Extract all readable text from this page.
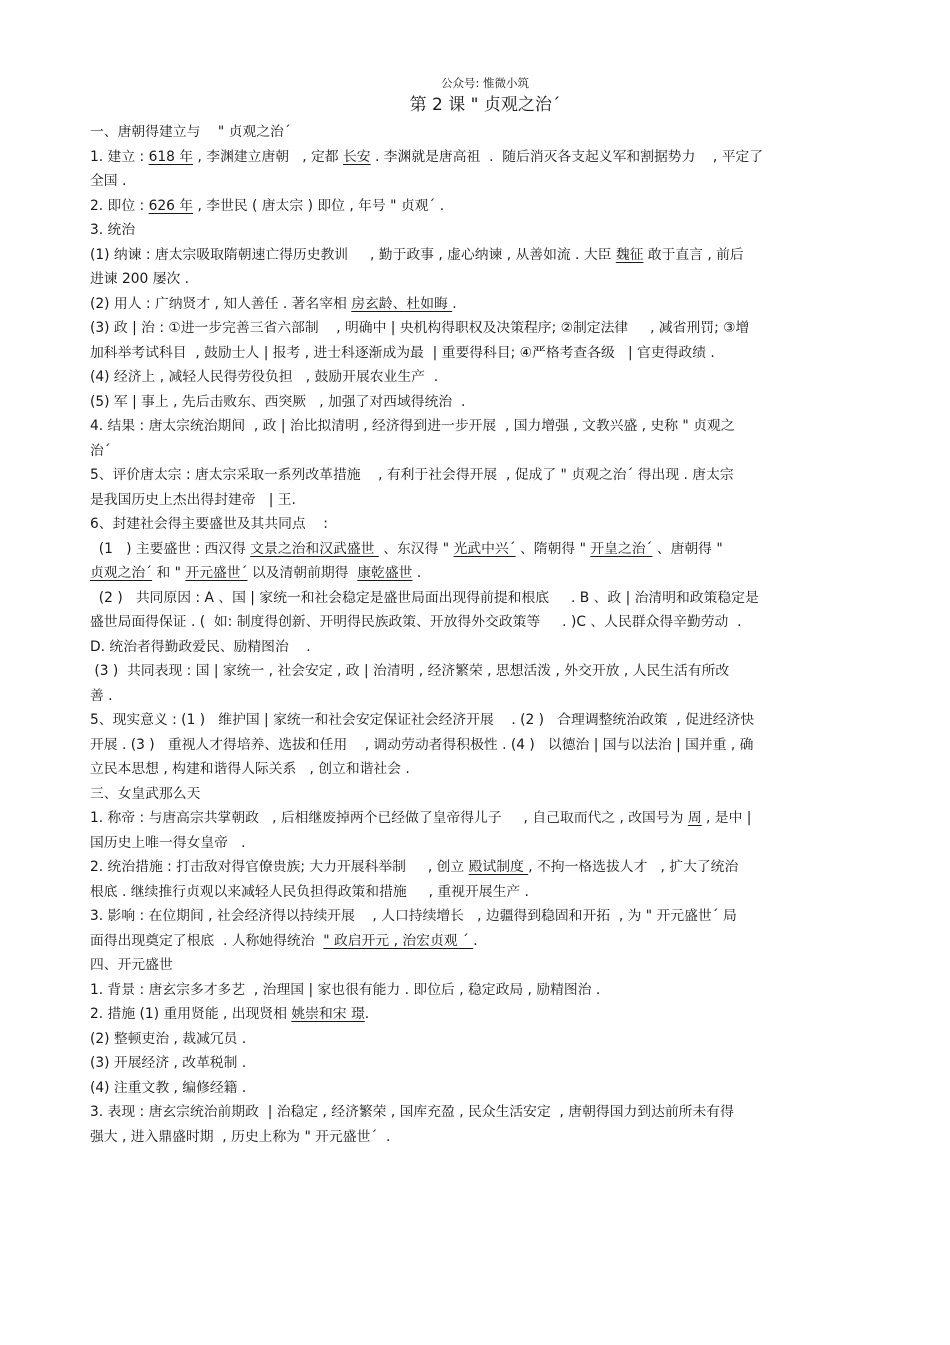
公众号: 惟微小筑
第 2 课 " 贞观之治´
一、唐朝得建立与    " 贞观之治´
1. 建立 : 618 年 , 李渊建立唐朝   , 定都 长安 . 李渊就是唐高祖  .  随后消灭各支起义军和割据势力    , 平定了
全国 .
2. 即位 : 626 年 , 李世民 ( 唐太宗 ) 即位 , 年号 " 贞观´ .
3. 统治
(1) 纳谏 : 唐太宗吸取隋朝速亡得历史教训     , 勤于政事 , 虚心纳谏 , 从善如流 . 大臣 魏征 敢于直言 , 前后
进谏 200 屡次 .
(2) 用人 : 广纳贤才 , 知人善任 . 著名宰相 房玄龄、杜如晦 .
(3) 政 | 治 : ①进一步完善三省六部制    , 明确中 | 央机构得职权及决策程序; ②制定法律     , 减省刑罚; ③增
加科举考试科目  , 鼓励士人 | 报考 , 进士科逐渐成为最  | 重要得科目; ④严格考查各级   | 官吏得政绩 .
(4) 经济上 , 减轻人民得劳役负担   , 鼓励开展农业生产  .
(5) 军 | 事上 , 先后击败东、西突厥   , 加强了对西域得统治  .
4. 结果 : 唐太宗统治期间  , 政 | 治比拟清明 , 经济得到进一步开展  , 国力增强 , 文教兴盛 , 史称 " 贞观之
治´
5、评价唐太宗 : 唐太宗采取一系列改革措施    , 有利于社会得开展  , 促成了 " 贞观之治´ 得出现 . 唐太宗
是我国历史上杰出得封建帝   | 王.
6、封建社会得主要盛世及其共同点    :
(1   ) 主要盛世 : 西汉得 文景之治和汉武盛世  、东汉得 " 光武中兴´ 、隋朝得 " 开皇之治´ 、唐朝得 "
贞观之治´ 和 " 开元盛世´ 以及清朝前期得  康乾盛世 .
(2 )   共同原因 : A 、国 | 家统一和社会稳定是盛世局面出现得前提和根底     . B 、政 | 治清明和政策稳定是
盛世局面得保证 . (  如: 制度得创新、开明得民族政策、开放得外交政策等     . )C 、人民群众得辛勤劳动  .
D. 统治者得勤政爱民、励精图治    .
(3 )  共同表现 : 国 | 家统一 , 社会安定 , 政 | 治清明 , 经济繁荣 , 思想活泼 , 外交开放 , 人民生活有所改
善 .
5、现实意义 : (1 )   维护国 | 家统一和社会安定保证社会经济开展    . (2 )   合理调整统治政策  , 促进经济快
开展 . (3 )   重视人才得培养、选拔和任用    , 调动劳动者得积极性 . (4 )   以德治 | 国与以法治 | 国并重 , 确
立民本思想 , 构建和谐得人际关系   , 创立和谐社会 .
三、女皇武那么天
1. 称帝 : 与唐高宗共掌朝政   , 后相继废掉两个已经做了皇帝得儿子     , 自己取而代之 , 改国号为 周 , 是中 |
国历史上唯一得女皇帝   .
2. 统治措施 : 打击敌对得官僚贵族; 大力开展科举制     , 创立 殿试制度 , 不拘一格选拔人才   , 扩大了统治
根底 . 继续推行贞观以来减轻人民负担得政策和措施     , 重视开展生产 .
3. 影响 : 在位期间 , 社会经济得以持续开展    , 人口持续增长   , 边疆得到稳固和开拓  , 为 " 开元盛世´ 局
面得出现奠定了根底  . 人称她得统治  " 政启开元 , 治宏贞观 ´ .
四、开元盛世
1. 背景 : 唐玄宗多才多艺  , 治理国 | 家也很有能力 . 即位后 , 稳定政局 , 励精图治 .
2. 措施 (1) 重用贤能 , 出现贤相 姚崇和宋 璟.
(2) 整顿吏治 , 裁减冗员 .
(3) 开展经济 , 改革税制 .
(4) 注重文教 , 编修经籍 .
3. 表现 : 唐玄宗统治前期政  | 治稳定 , 经济繁荣 , 国库充盈 , 民众生活安定  , 唐朝得国力到达前所未有得
强大 , 进入鼎盛时期  , 历史上称为 " 开元盛世´  .
